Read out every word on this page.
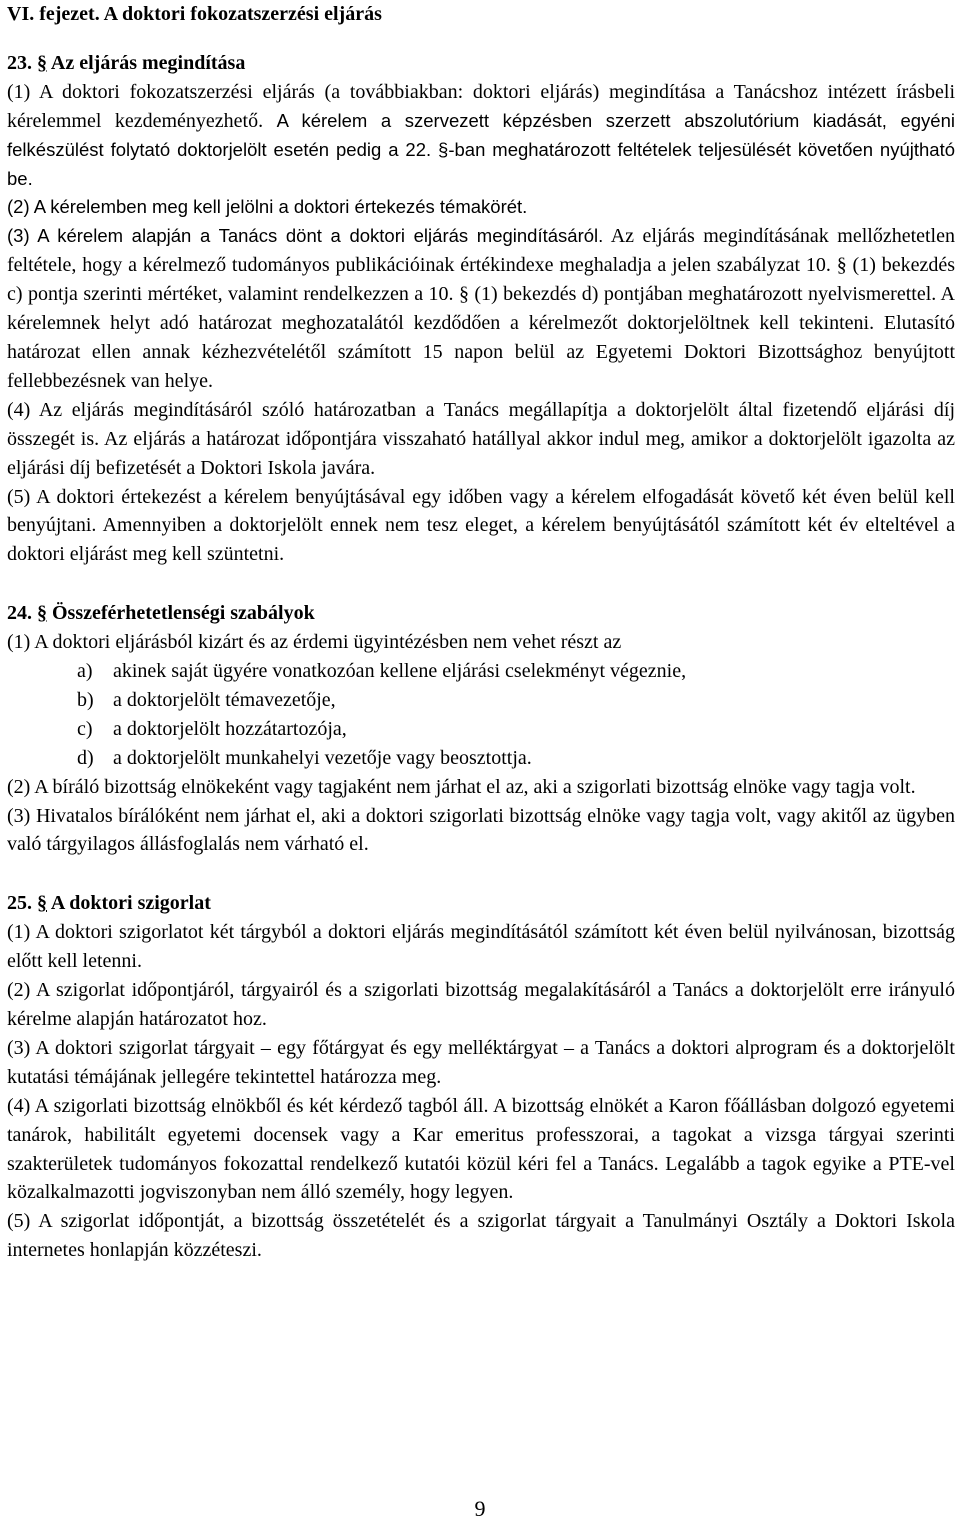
VI. fejezet. A doktori fokozatszerzési eljárás

23. § Az eljárás megindítása

(1) A doktori fokozatszerzési eljárás (a továbbiakban: doktori eljárás) megindítása a Tanácshoz intézett írásbeli kérelemmel kezdeményezhető. A kérelem a szervezett képzésben szerzett abszolutórium kiadását, egyéni felkészülést folytató doktorjelölt esetén pedig a 22. §-ban meghatározott feltételek teljesülését követően nyújtható be.

(2) A kérelemben meg kell jelölni a doktori értekezés témakörét.

(3) A kérelem alapján a Tanács dönt a doktori eljárás megindításáról. Az eljárás megindításának mellőzhetetlen feltétele, hogy a kérelmező tudományos publikációinak értékindexe meghaladja a jelen szabályzat 10. § (1) bekezdés c) pontja szerinti mértéket, valamint rendelkezzen a 10. § (1) bekezdés d) pontjában meghatározott nyelvismerettel. A kérelemnek helyt adó határozat meghozatalától kezdődően a kérelmezőt doktorjelöltnek kell tekinteni. Elutasító határozat ellen annak kézhezvételétől számított 15 napon belül az Egyetemi Doktori Bizottsághoz benyújtott fellebbezésnek van helye.

(4) Az eljárás megindításáról szóló határozatban a Tanács megállapítja a doktorjelölt által fizetendő eljárási díj összegét is. Az eljárás a határozat időpontjára visszaható hatállyal akkor indul meg, amikor a doktorjelölt igazolta az eljárási díj befizetését a Doktori Iskola javára.

(5) A doktori értekezést a kérelem benyújtásával egy időben vagy a kérelem elfogadását követő két éven belül kell benyújtani. Amennyiben a doktorjelölt ennek nem tesz eleget, a kérelem benyújtásától számított két év elteltével a doktori eljárást meg kell szüntetni.

24. § Összeférhetetlenségi szabályok

(1) A doktori eljárásból kizárt és az érdemi ügyintézésben nem vehet részt az

a) akinek saját ügyére vonatkozóan kellene eljárási cselekményt végeznie,
b) a doktorjelölt témavezetője,
c) a doktorjelölt hozzátartozója,
d) a doktorjelölt munkahelyi vezetője vagy beosztottja.

(2) A bíráló bizottság elnökeként vagy tagjaként nem járhat el az, aki a szigorlati bizottság elnöke vagy tagja volt.

(3) Hivatalos bírálóként nem járhat el, aki a doktori szigorlati bizottság elnöke vagy tagja volt, vagy akitől az ügyben való tárgyilagos állásfoglalás nem várható el.

25. § A doktori szigorlat

(1) A doktori szigorlatot két tárgyból a doktori eljárás megindításától számított két éven belül nyilvánosan, bizottság előtt kell letenni.

(2) A szigorlat időpontjáról, tárgyairól és a szigorlati bizottság megalakításáról a Tanács a doktorjelölt erre irányuló kérelme alapján határozatot hoz.

(3) A doktori szigorlat tárgyait – egy főtárgyat és egy melléktárgyat – a Tanács a doktori alprogram és a doktorjelölt kutatási témájának jellegére tekintettel határozza meg.

(4) A szigorlati bizottság elnökből és két kérdező tagból áll. A bizottság elnökét a Karon főállásban dolgozó egyetemi tanárok, habilitált egyetemi docensek vagy a Kar emeritus professzorai, a tagokat a vizsga tárgyai szerinti szakterületek tudományos fokozattal rendelkező kutatói közül kéri fel a Tanács. Legalább a tagok egyike a PTE-vel közalkalmazotti jogviszonyban nem álló személy, hogy legyen.

(5) A szigorlat időpontját, a bizottság összetételét és a szigorlat tárgyait a Tanulmányi Osztály a Doktori Iskola internetes honlapján közzéteszi.

9
